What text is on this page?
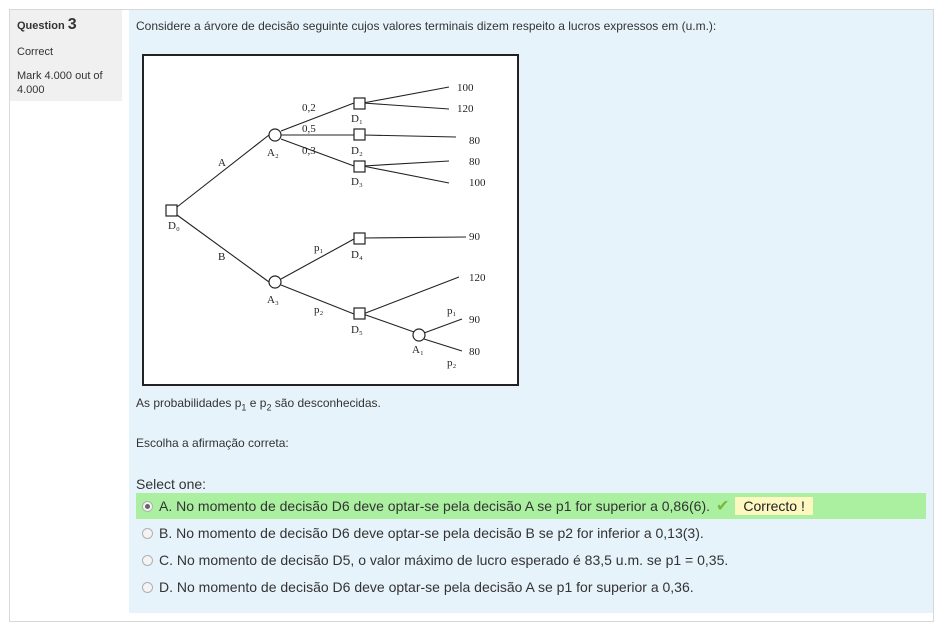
Question 3
Correct
Mark 4.000 out of 4.000
Considere a árvore de decisão seguinte cujos valores terminais dizem respeito a lucros expressos em (u.m.):
D₀
A
B
A₂
A₃
0,2
0,5
0,3
D₁
D₂
D₃
D₄
D₅
p₁
p₂
A₁
p₁
p₂
100
120
80
80
100
90
120
90
80
As probabilidades $p_1$ e $p_2$ são desconhecidas.
Escolha a afirmação correta:
Select one:
A.
No momento de decisão D6 deve optar-se pela decisão A se p1 for superior a 0,86(6). ✔	Correcto !
B.
No momento de decisão D6 deve optar-se pela decisão B se p2 for inferior a 0,13(3).
C.
No momento de decisão D5, o valor máximo de lucro esperado é 83,5 u.m. se p1 = 0,35.
D.
No momento de decisão D6 deve optar-se pela decisão A se p1 for superior a 0,36.
